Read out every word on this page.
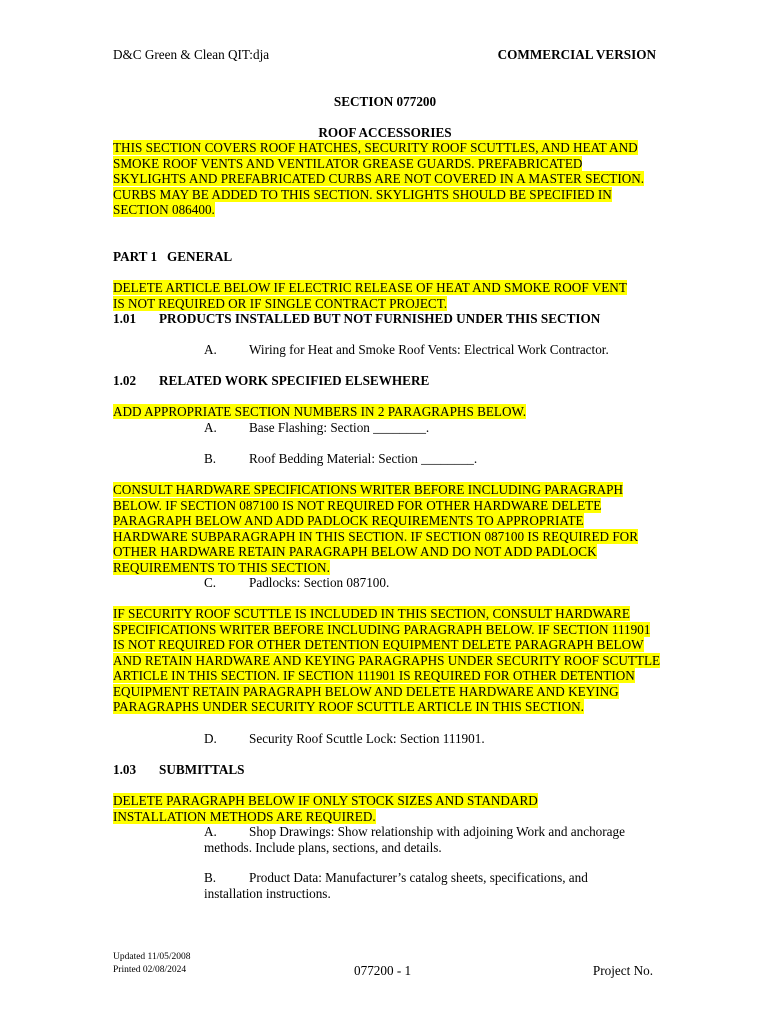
D&C Green & Clean QIT:dja	COMMERCIAL VERSION
SECTION 077200
ROOF ACCESSORIES
THIS SECTION COVERS ROOF HATCHES, SECURITY ROOF SCUTTLES, AND HEAT AND SMOKE ROOF VENTS AND VENTILATOR GREASE GUARDS. PREFABRICATED SKYLIGHTS AND PREFABRICATED CURBS ARE NOT COVERED IN A MASTER SECTION. CURBS MAY BE ADDED TO THIS SECTION. SKYLIGHTS SHOULD BE SPECIFIED IN SECTION 086400.
PART 1   GENERAL
DELETE ARTICLE BELOW IF ELECTRIC RELEASE OF HEAT AND SMOKE ROOF VENT IS NOT REQUIRED OR IF SINGLE CONTRACT PROJECT.
1.01 PRODUCTS INSTALLED BUT NOT FURNISHED UNDER THIS SECTION
A. Wiring for Heat and Smoke Roof Vents: Electrical Work Contractor.
1.02 RELATED WORK SPECIFIED ELSEWHERE
ADD APPROPRIATE SECTION NUMBERS IN 2 PARAGRAPHS BELOW.
A. Base Flashing: Section ________.
B. Roof Bedding Material: Section ________.
CONSULT HARDWARE SPECIFICATIONS WRITER BEFORE INCLUDING PARAGRAPH BELOW. IF SECTION 087100 IS NOT REQUIRED FOR OTHER HARDWARE DELETE PARAGRAPH BELOW AND ADD PADLOCK REQUIREMENTS TO APPROPRIATE HARDWARE SUBPARAGRAPH IN THIS SECTION. IF SECTION 087100 IS REQUIRED FOR OTHER HARDWARE RETAIN PARAGRAPH BELOW AND DO NOT ADD PADLOCK REQUIREMENTS TO THIS SECTION.
C. Padlocks: Section 087100.
IF SECURITY ROOF SCUTTLE IS INCLUDED IN THIS SECTION, CONSULT HARDWARE SPECIFICATIONS WRITER BEFORE INCLUDING PARAGRAPH BELOW. IF SECTION 111901 IS NOT REQUIRED FOR OTHER DETENTION EQUIPMENT DELETE PARAGRAPH BELOW AND RETAIN HARDWARE AND KEYING PARAGRAPHS UNDER SECURITY ROOF SCUTTLE ARTICLE IN THIS SECTION. IF SECTION 111901 IS REQUIRED FOR OTHER DETENTION EQUIPMENT RETAIN PARAGRAPH BELOW AND DELETE HARDWARE AND KEYING PARAGRAPHS UNDER SECURITY ROOF SCUTTLE ARTICLE IN THIS SECTION.
D. Security Roof Scuttle Lock: Section 111901.
1.03 SUBMITTALS
DELETE PARAGRAPH BELOW IF ONLY STOCK SIZES AND STANDARD INSTALLATION METHODS ARE REQUIRED.
A. Shop Drawings: Show relationship with adjoining Work and anchorage methods. Include plans, sections, and details.
B. Product Data: Manufacturer’s catalog sheets, specifications, and installation instructions.
Updated 11/05/2008
Printed 02/08/2024	077200 - 1	Project No.
